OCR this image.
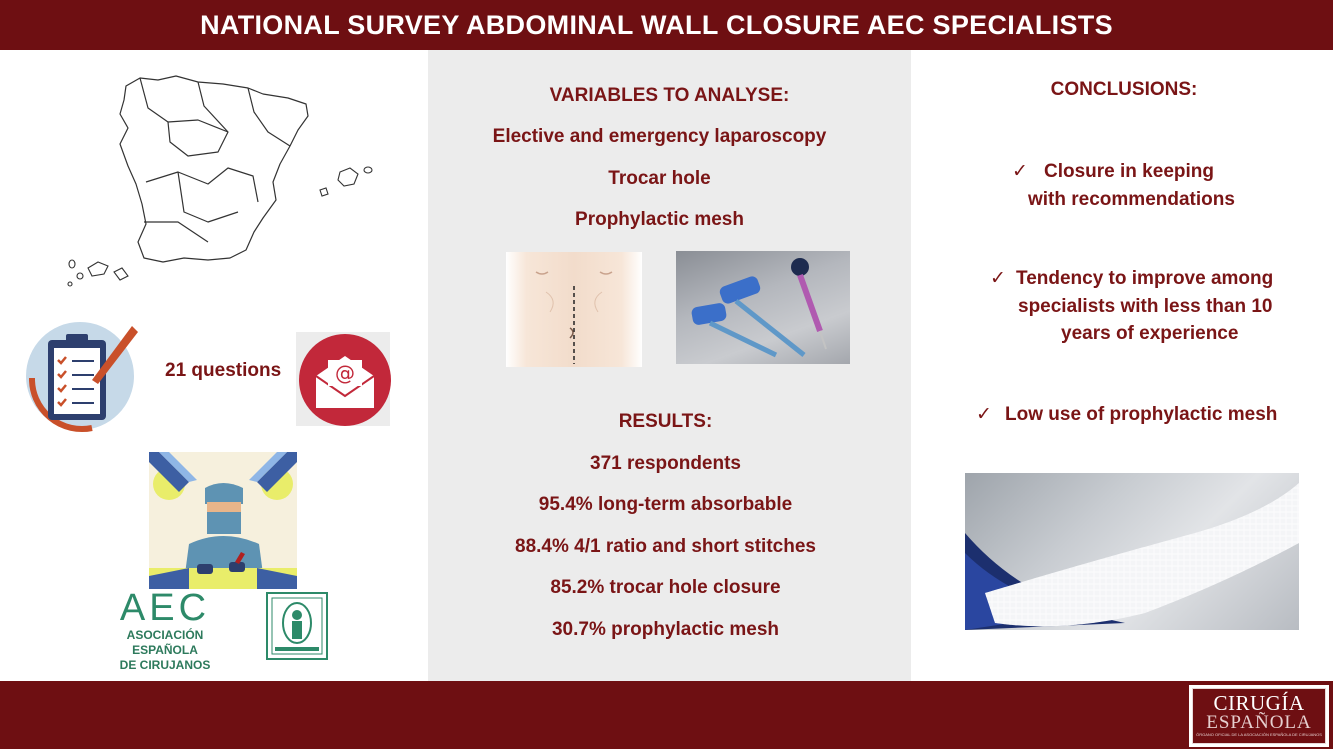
NATIONAL SURVEY ABDOMINAL WALL CLOSURE AEC SPECIALISTS
21 questions	@
AEC
ASOCIACIÓN ESPAÑOLA
DE CIRUJANOS
VARIABLES TO ANALYSE:
Elective and emergency laparoscopy
Trocar hole
Prophylactic mesh
RESULTS:
371 respondents
95.4% long-term absorbable
88.4% 4/1 ratio and short stitches
85.2% trocar hole closure
30.7% prophylactic mesh
CONCLUSIONS:
✓ Closure in keeping
with recommendations
✓ Tendency to improve among
specialists with less than 10
years of experience
✓ Low use of prophylactic mesh
CIRUGÍA
ESPAÑOLA
ÓRGANO OFICIAL DE LA ASOCIACIÓN ESPAÑOLA DE CIRUJANOS
